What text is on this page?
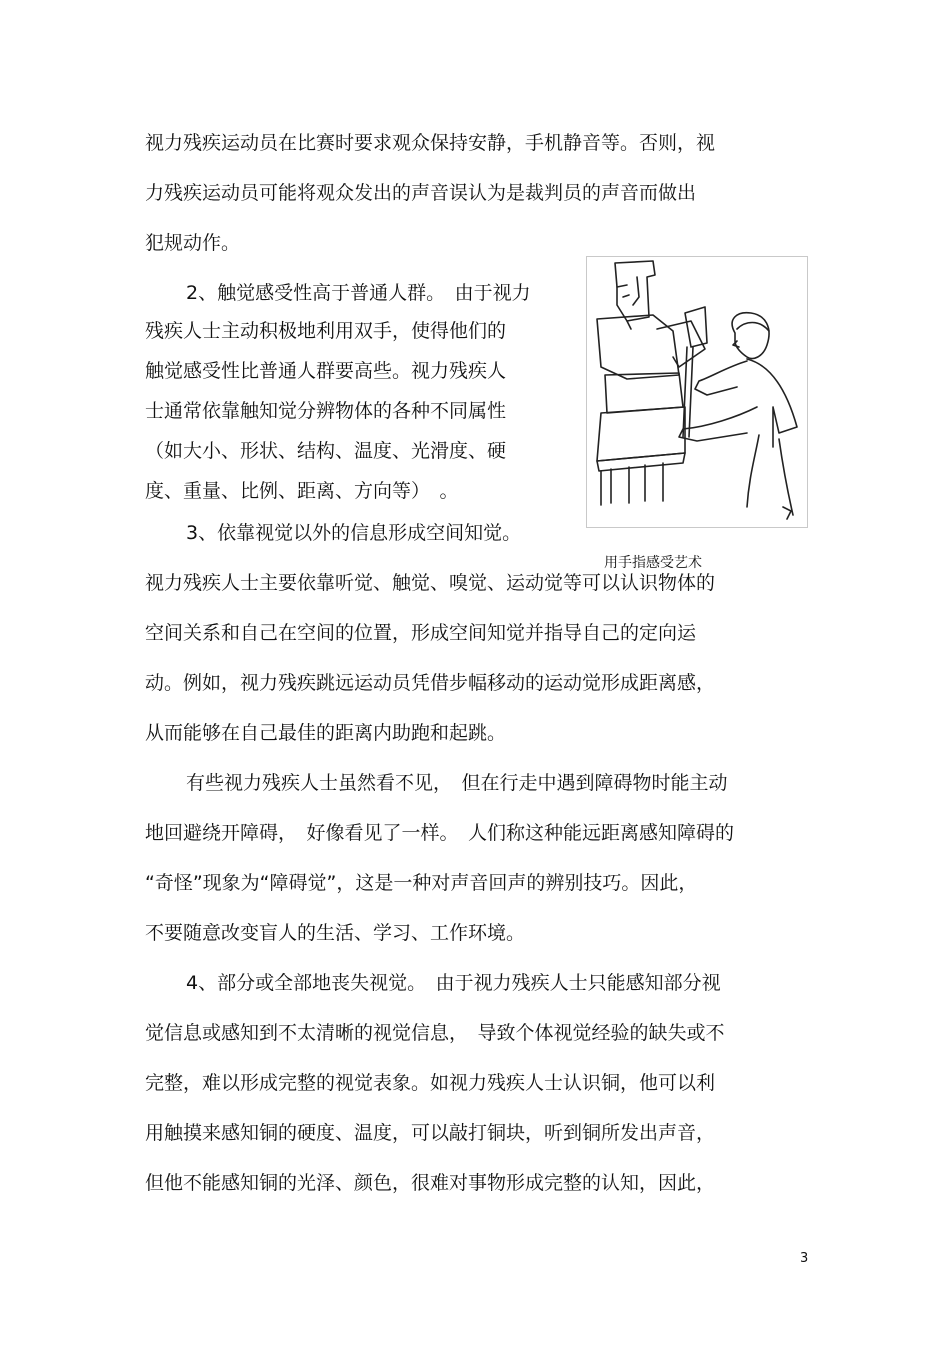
视力残疾运动员在比赛时要求观众保持安静，手机静音等。否则，视
力残疾运动员可能将观众发出的声音误认为是裁判员的声音而做出
犯规动作。
2、触觉感受性高于普通人群。　由于视力
残疾人士主动积极地利用双手，使得他们的
触觉感受性比普通人群要高些。视力残疾人
士通常依靠触知觉分辨物体的各种不同属性
（如大小、形状、结构、温度、光滑度、硬
度、重量、比例、距离、方向等）　。
3、依靠视觉以外的信息形成空间知觉。
视力残疾人士主要依靠听觉、触觉、嗅觉、运动觉等可以认识物体的
空间关系和自己在空间的位置，形成空间知觉并指导自己的定向运
动。例如，视力残疾跳远运动员凭借步幅移动的运动觉形成距离感，
从而能够在自己最佳的距离内助跑和起跳。
有些视力残疾人士虽然看不见，　但在行走中遇到障碍物时能主动
地回避绕开障碍，　好像看见了一样。　人们称这种能远距离感知障碍的
“奇怪”现象为“障碍觉”，这是一种对声音回声的辨别技巧。因此，
不要随意改变盲人的生活、学习、工作环境。
4、部分或全部地丧失视觉。　由于视力残疾人士只能感知部分视
觉信息或感知到不太清晰的视觉信息，　导致个体视觉经验的缺失或不
完整，难以形成完整的视觉表象。如视力残疾人士认识铜，他可以利
用触摸来感知铜的硬度、温度，可以敲打铜块，听到铜所发出声音，
但他不能感知铜的光泽、颜色，很难对事物形成完整的认知，因此，
用手指感受艺术
3
